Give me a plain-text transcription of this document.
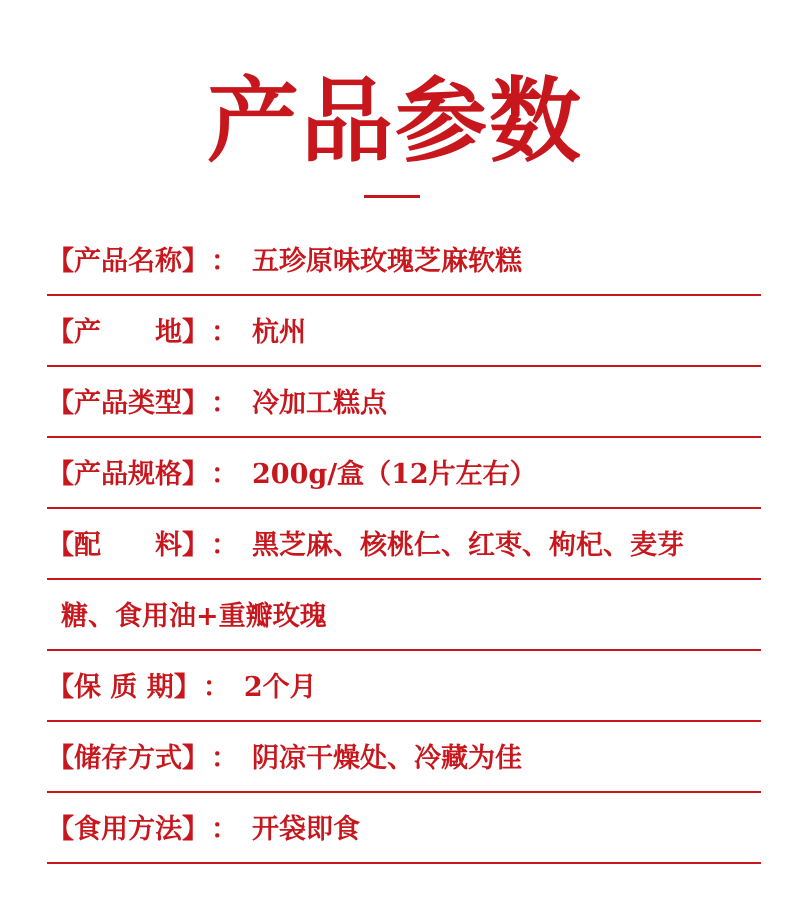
产品参数
【产品名称】： 五珍原味玫瑰芝麻软糕
【产　　地】： 杭州
【产品类型】： 冷加工糕点
【产品规格】： 200g/盒（12片左右）
【配　　料】： 黑芝麻、核桃仁、红枣、枸杞、麦芽
糖、食用油+重瓣玫瑰
【保 质 期】： 2个月
【储存方式】： 阴凉干燥处、冷藏为佳
【食用方法】： 开袋即食
